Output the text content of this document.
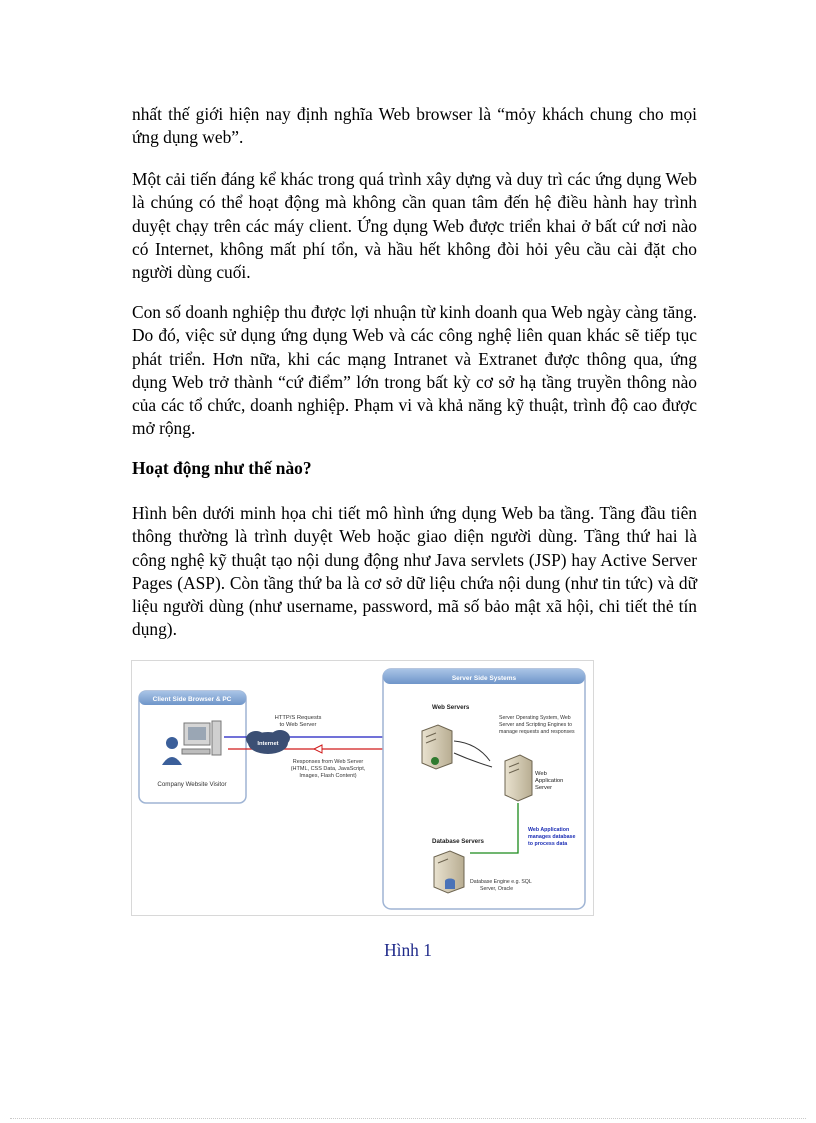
nhất thế giới hiện nay định nghĩa Web browser là “mỏy khách chung cho mọi ứng dụng web”.

Một cải tiến đáng kể khác trong quá trình xây dựng và duy trì các ứng dụng Web là chúng có thể hoạt động mà không cần quan tâm đến hệ điều hành hay trình duyệt chạy trên các máy client. Ứng dụng Web được triển khai ở bất cứ nơi nào có Internet, không mất phí tổn, và hầu hết không đòi hỏi yêu cầu cài đặt cho người dùng cuối.

Con số doanh nghiệp thu được lợi nhuận từ kinh doanh qua Web ngày càng tăng. Do đó, việc sử dụng ứng dụng Web và các công nghệ liên quan khác sẽ tiếp tục phát triển. Hơn nữa, khi các mạng Intranet và Extranet được thông qua, ứng dụng Web trở thành “cứ điểm” lớn trong bất kỳ cơ sở hạ tầng truyền thông nào của các tổ chức, doanh nghiệp. Phạm vi và khả năng kỹ thuật, trình độ cao được mở rộng.

Hoạt động như thế nào?

Hình bên dưới minh họa chi tiết mô hình ứng dụng Web ba tầng. Tầng đầu tiên thông thường là trình duyệt Web hoặc giao diện người dùng. Tầng thứ hai là công nghệ kỹ thuật tạo nội dung động như Java servlets (JSP) hay Active Server Pages (ASP). Còn tầng thứ ba là cơ sở dữ liệu chứa nội dung (như tin tức) và dữ liệu người dùng (như username, password, mã số bảo mật xã hội, chi tiết thẻ tín dụng).

Client Side Browser & PC
Company Website Visitor
Internet
HTTP/S Requests
to Web Server
Responses from Web Server
(HTML, CSS Data, JavaScript,
Images, Flash Content)
Server Side Systems
Web Servers
Server Operating System, Web
Server and Scripting Engines to
manage requests and responses
Web
Application
Server
Web Application
manages database
to process data
Database Servers
Database Engine e.g. SQL
Server, Oracle
Hình 1
